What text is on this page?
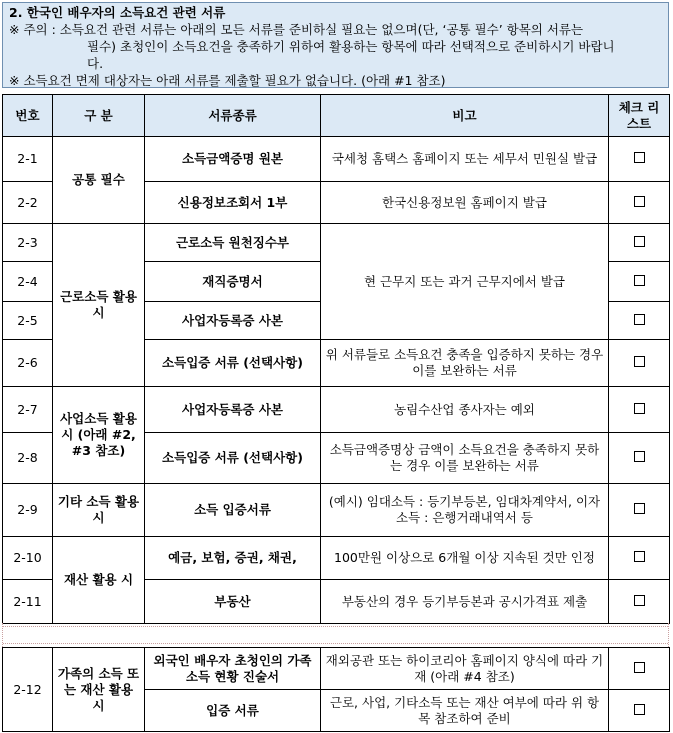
2. 한국인 배우자의 소득요건 관련 서류
※ 주의 : 소득요건 관련 서류는 아래의 모든 서류를 준비하실 필요는 없으며(단, ‘공통 필수’ 항목의 서류는
필수) 초청인이 소득요건을 충족하기 위하여 활용하는 항목에 따라 선택적으로 준비하시기 바랍니
다.
※ 소득요건 면제 대상자는 아래 서류를 제출할 필요가 없습니다. (아래 #1 참조)
번호	구 분	서류종류	비고	체크 리스트
2-1	공통 필수	소득금액증명 원본	국세청 홈택스 홈페이지 또는 세무서 민원실 발급	
2-2		신용정보조회서 1부	한국신용정보원 홈페이지 발급	
2-3	근로소득 활용 시	근로소득 원천징수부	현 근무지 또는 과거 근무지에서 발급	
2-4		재직증명서		
2-5		사업자등록증 사본		
2-6		소득입증 서류 (선택사항)	위 서류들로 소득요건 충족을 입증하지 못하는 경우 이를 보완하는 서류	
2-7	사업소득 활용 시 (아래 #2, #3 참조)	사업자등록증 사본	농림수산업 종사자는 예외	
2-8		소득입증 서류 (선택사항)	소득금액증명상 금액이 소득요건을 충족하지 못하는 경우 이를 보완하는 서류	
2-9	기타 소득 활용 시	소득 입증서류	(예시) 임대소득 : 등기부등본, 임대차계약서, 이자소득 : 은행거래내역서 등	
2-10	재산 활용 시	예금, 보험, 증권, 채권,	100만원 이상으로 6개월 이상 지속된 것만 인정	
2-11		부동산	부동산의 경우 등기부등본과 공시가격표 제출	
2-12	가족의 소득 또는 재산 활용 시	외국인 배우자 초청인의 가족소득 현황 진술서	재외공관 또는 하이코리아 홈페이지 양식에 따라 기재 (아래 #4 참조)	
		입증 서류	근로, 사업, 기타소득 또는 재산 여부에 따라 위 항목 참조하여 준비	
